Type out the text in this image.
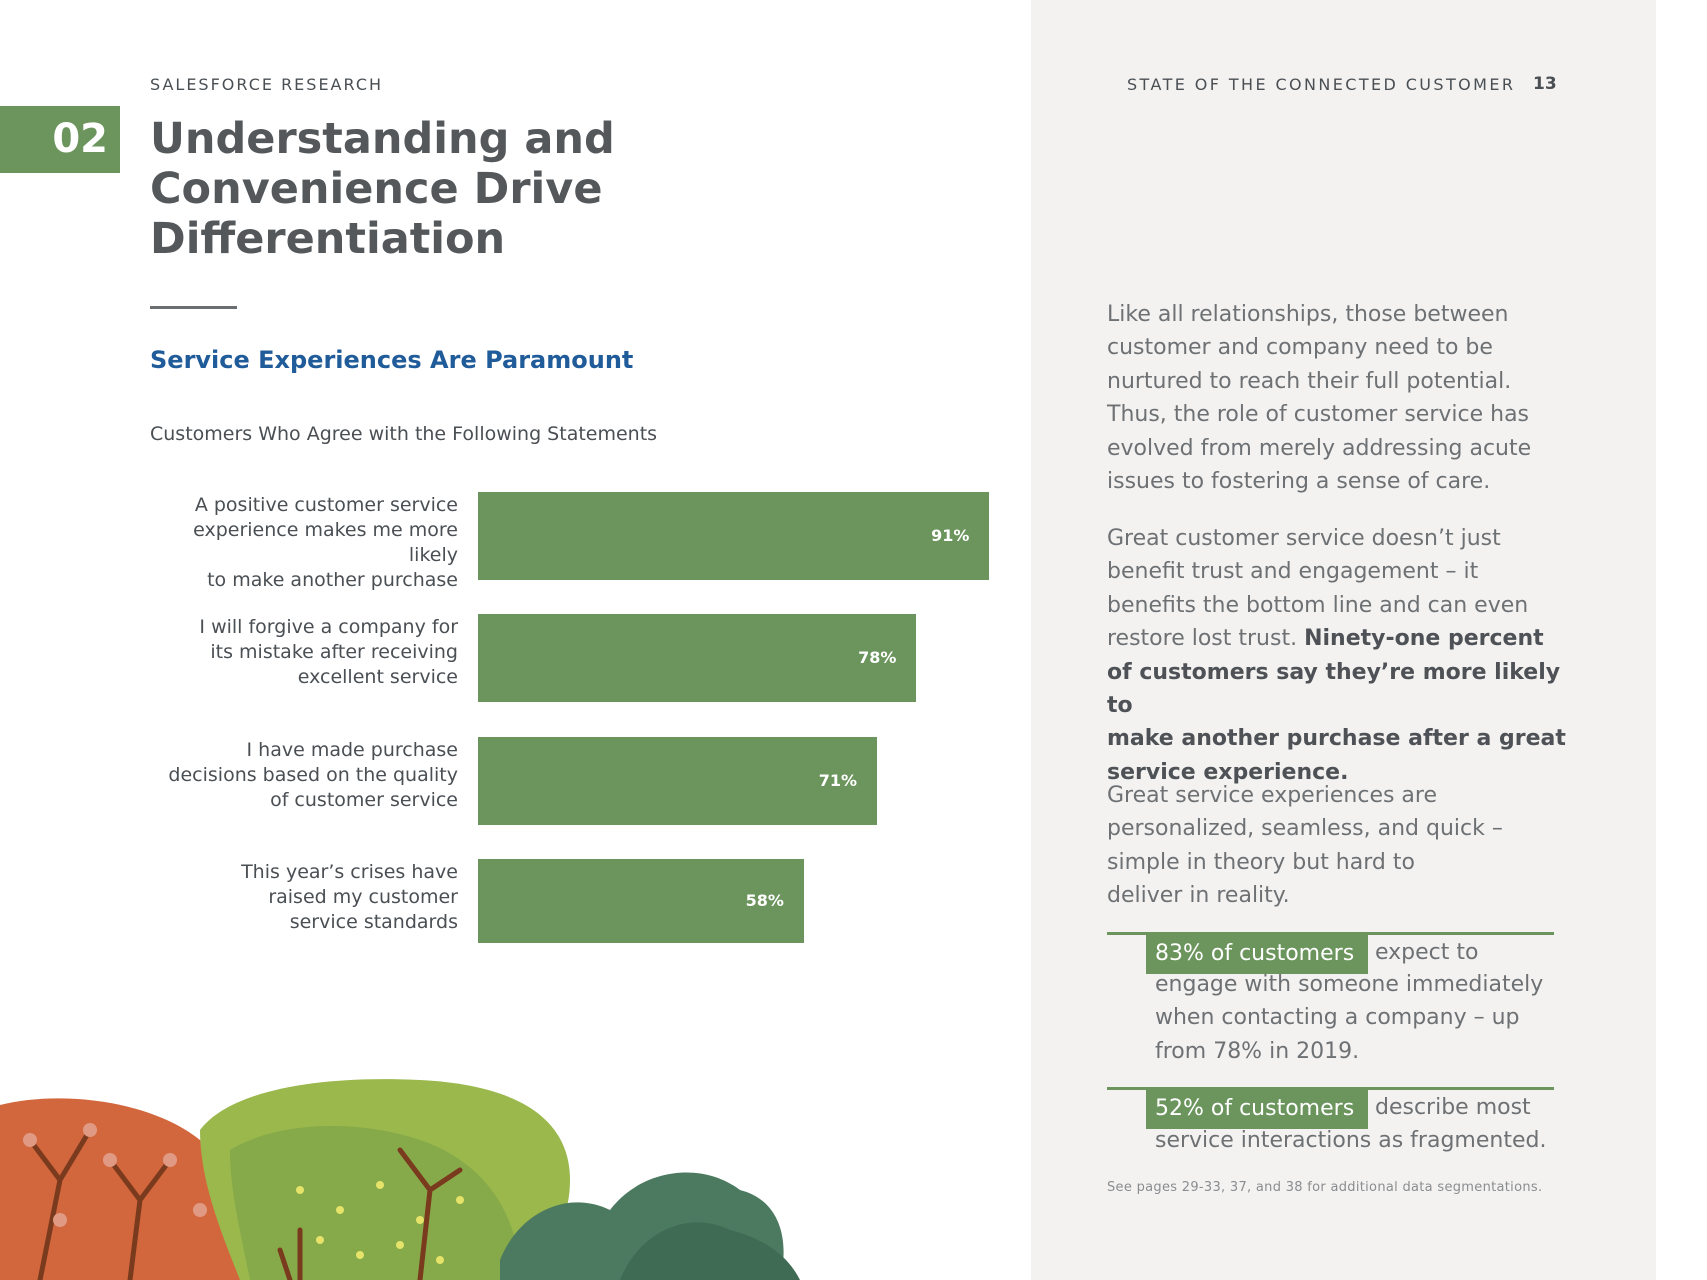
SALESFORCE RESEARCH	STATE OF THE CONNECTED CUSTOMER 13
02 Understanding and
Convenience Drive
Differentiation
Service Experiences Are Paramount
Customers Who Agree with the Following Statements
A positive customer service
experience makes me more likely
to make another purchase
91%
I will forgive a company for
its mistake after receiving
excellent service
78%
I have made purchase
decisions based on the quality
of customer service
71%
This year’s crises have
raised my customer
service standards
58%

Like all relationships, those between
customer and company need to be
nurtured to reach their full potential.
Thus, the role of customer service has
evolved from merely addressing acute
issues to fostering a sense of care.

Great customer service doesn’t just
benefit trust and engagement – it
benefits the bottom line and can even
restore lost trust. Ninety-one percent
of customers say they’re more likely to
make another purchase after a great
service experience.

Great service experiences are
personalized, seamless, and quick –
simple in theory but hard to
deliver in reality.

83% of customers expect to
engage with someone immediately
when contacting a company – up
from 78% in 2019.
52% of customers describe most
service interactions as fragmented.
See pages 29-33, 37, and 38 for additional data segmentations.
